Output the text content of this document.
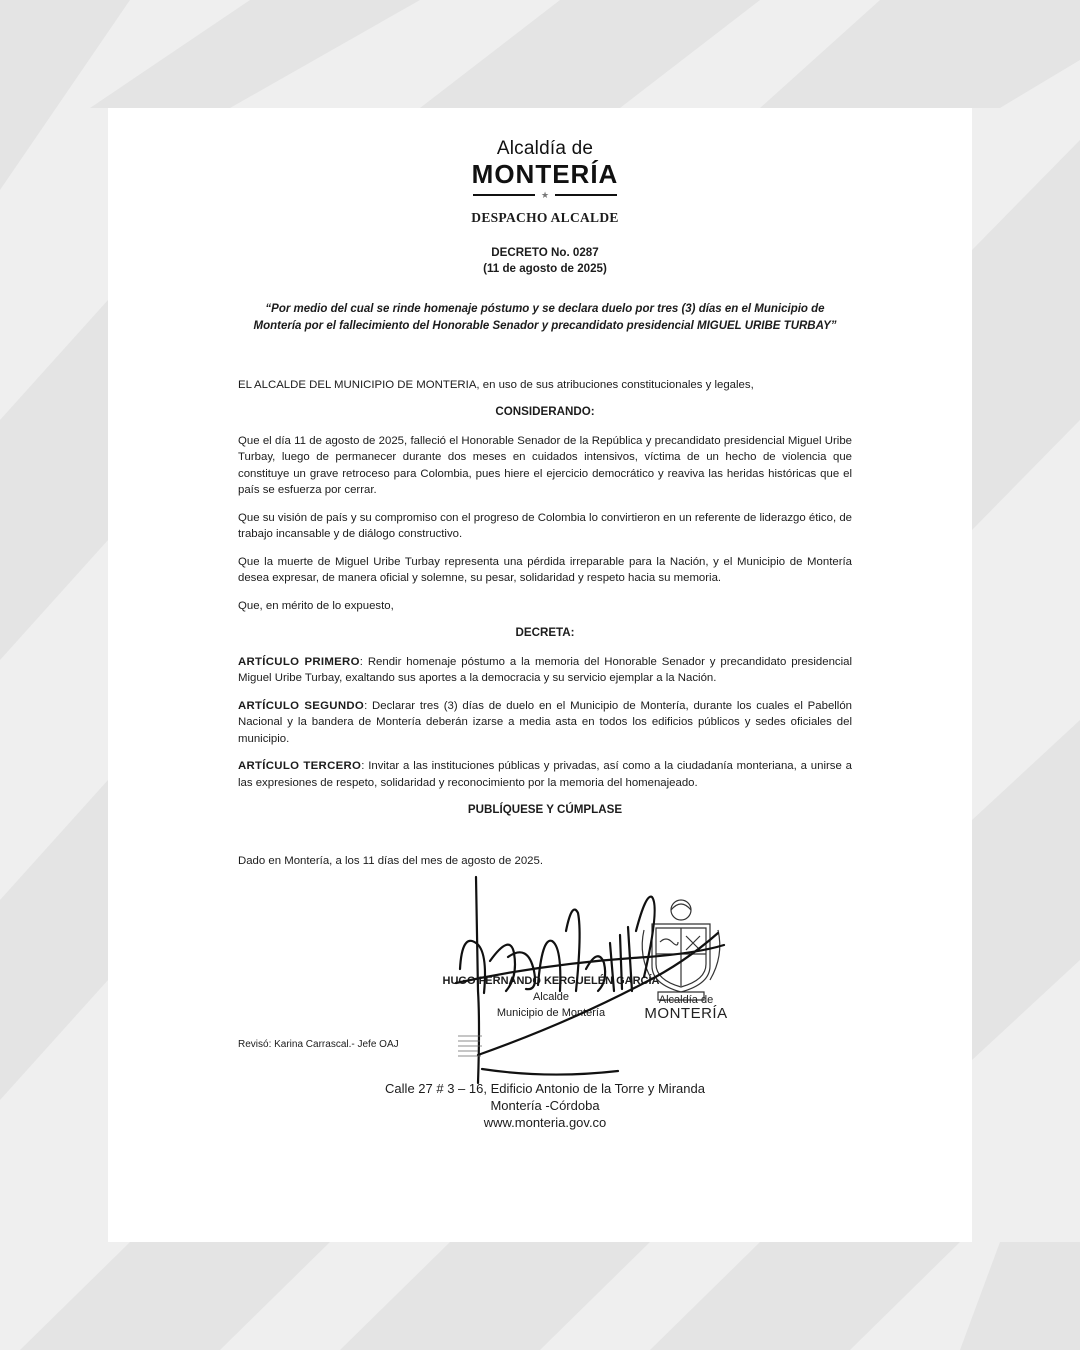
Alcaldía de
MONTERÍA
★
DESPACHO ALCALDE
DECRETO No. 0287
(11 de agosto de 2025)
“Por medio del cual se rinde homenaje póstumo y se declara duelo por tres (3) días en el Municipio de Montería por el fallecimiento del Honorable Senador y precandidato presidencial MIGUEL URIBE TURBAY”

EL ALCALDE DEL MUNICIPIO DE MONTERIA, en uso de sus atribuciones constitucionales y legales,

CONSIDERANDO:

Que el día 11 de agosto de 2025, falleció el Honorable Senador de la República y precandidato presidencial Miguel Uribe Turbay, luego de permanecer durante dos meses en cuidados intensivos, víctima de un hecho de violencia que constituye un grave retroceso para Colombia, pues hiere el ejercicio democrático y reaviva las heridas históricas que el país se esfuerza por cerrar.

Que su visión de país y su compromiso con el progreso de Colombia lo convirtieron en un referente de liderazgo ético, de trabajo incansable y de diálogo constructivo.

Que la muerte de Miguel Uribe Turbay representa una pérdida irreparable para la Nación, y el Municipio de Montería desea expresar, de manera oficial y solemne, su pesar, solidaridad y respeto hacia su memoria.

Que, en mérito de lo expuesto,

DECRETA:

ARTÍCULO PRIMERO: Rendir homenaje póstumo a la memoria del Honorable Senador y precandidato presidencial Miguel Uribe Turbay, exaltando sus aportes a la democracia y su servicio ejemplar a la Nación.

ARTÍCULO SEGUNDO: Declarar tres (3) días de duelo en el Municipio de Montería, durante los cuales el Pabellón Nacional y la bandera de Montería deberán izarse a media asta en todos los edificios públicos y sedes oficiales del municipio.

ARTÍCULO TERCERO: Invitar a las instituciones públicas y privadas, así como a la ciudadanía monteriana, a unirse a las expresiones de respeto, solidaridad y reconocimiento por la memoria del homenajeado.

PUBLÍQUESE Y CÚMPLASE

Dado en Montería, a los 11 días del mes de agosto de 2025.

HUGO FERNANDO KERGUELÉN GARCÍA
Alcalde
Municipio de Montería
Alcaldía de
MONTERÍA
Revisó: Karina Carrascal.- Jefe OAJ
Calle 27 # 3 – 16, Edificio Antonio de la Torre y Miranda
Montería -Córdoba
www.monteria.gov.co
